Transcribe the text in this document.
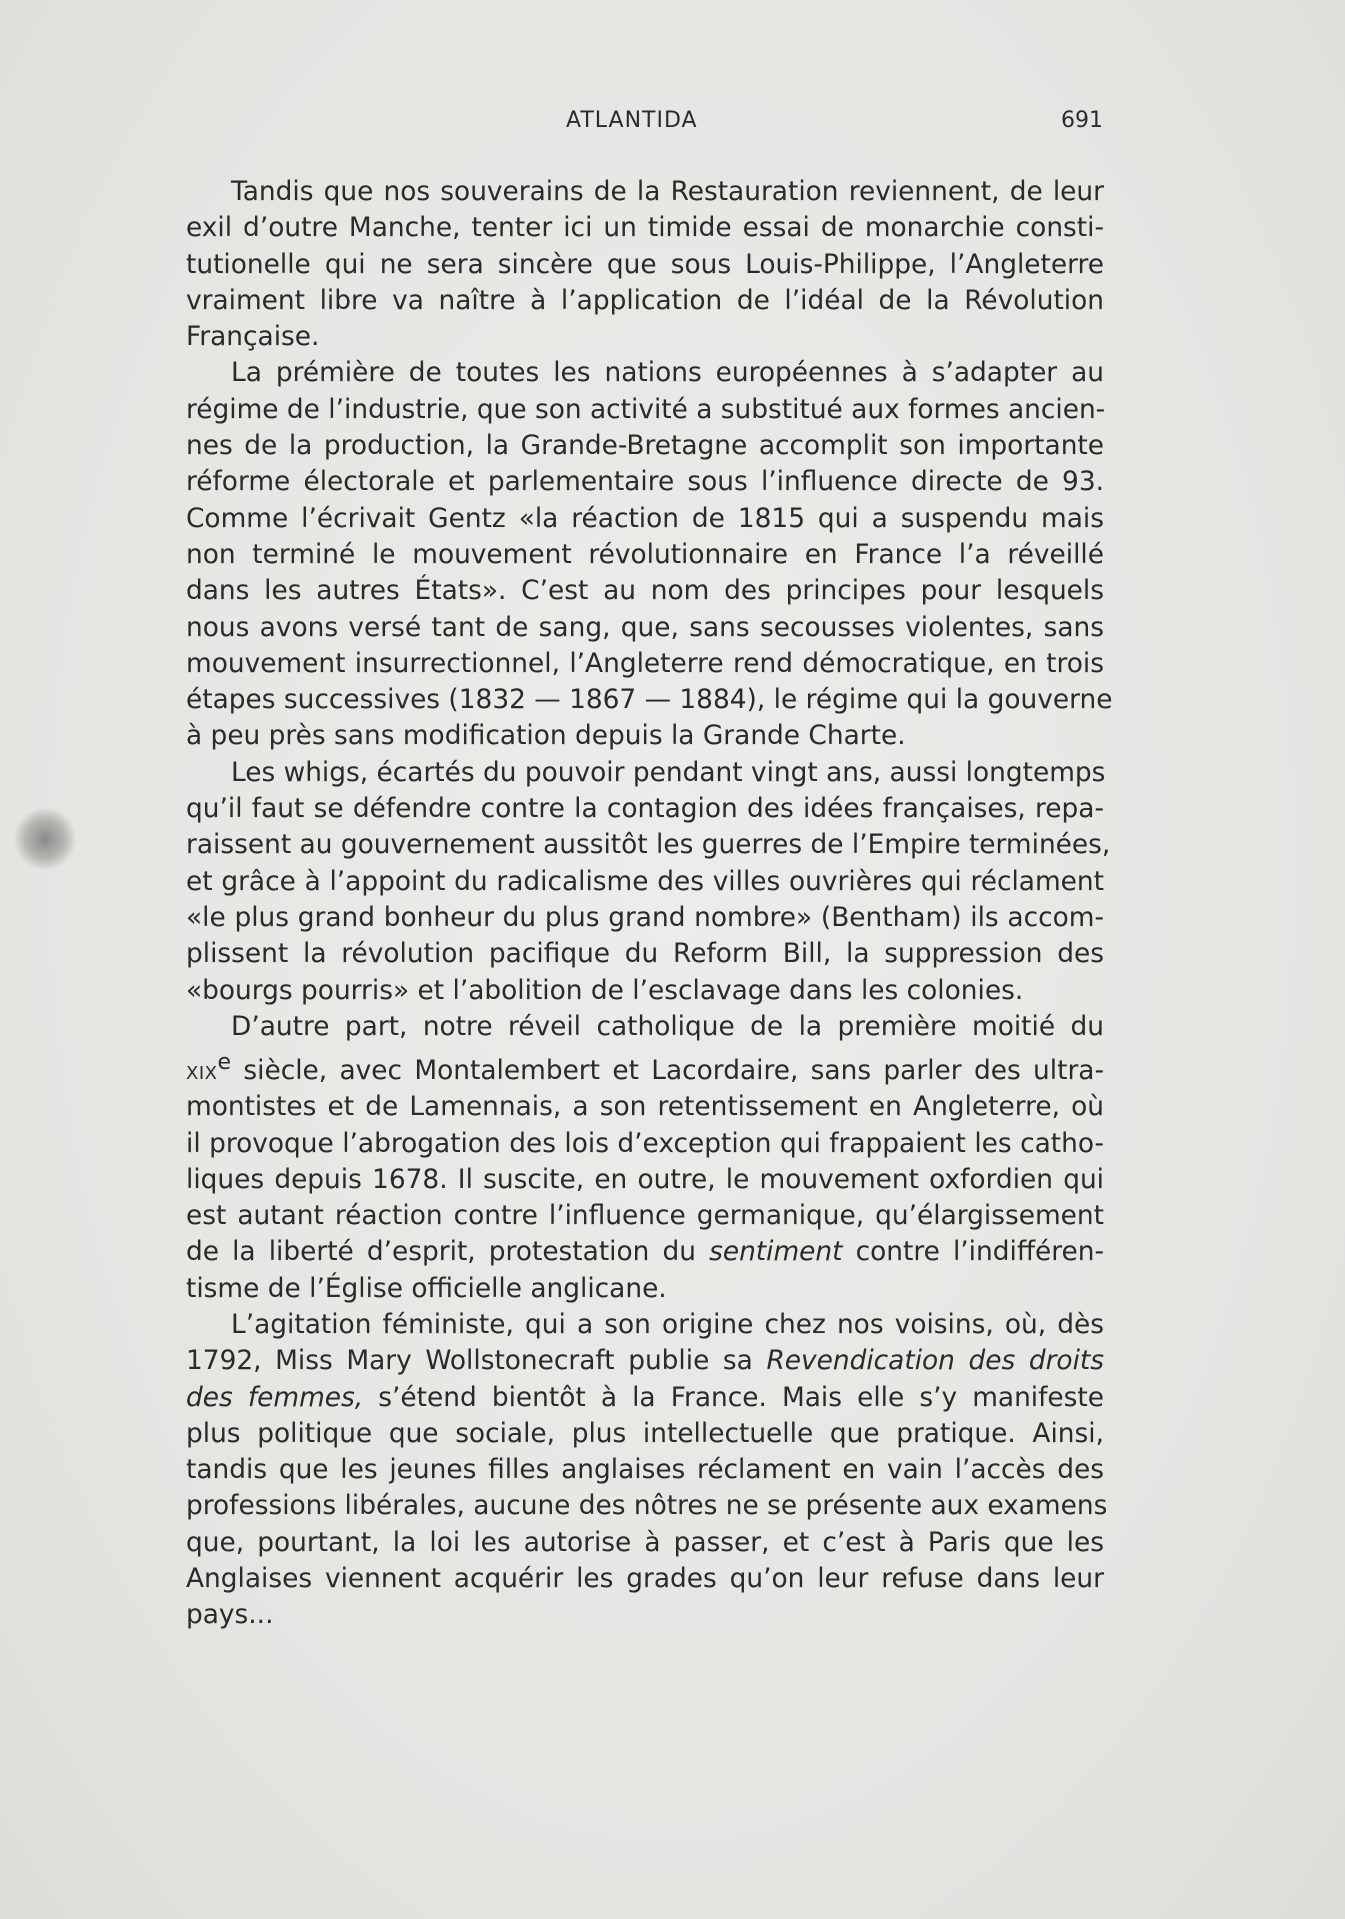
ATLANTIDA	691
Tandis que nos souverains de la Restauration reviennent, de leur
exil d’outre Manche, tenter ici un timide essai de monarchie consti-
tutionelle qui ne sera sincère que sous Louis-Philippe, l’Angleterre
vraiment libre va naître à l’application de l’idéal de la Révolution
Française.
La prémière de toutes les nations européennes à s’adapter au
régime de l’industrie, que son activité a substitué aux formes ancien-
nes de la production, la Grande-Bretagne accomplit son importante
réforme électorale et parlementaire sous l’influence directe de 93.
Comme l’écrivait Gentz «la réaction de 1815 qui a suspendu mais
non terminé le mouvement révolutionnaire en France l’a réveillé
dans les autres États». C’est au nom des principes pour lesquels
nous avons versé tant de sang, que, sans secousses violentes, sans
mouvement insurrectionnel, l’Angleterre rend démocratique, en trois
étapes successives (1832 — 1867 — 1884), le régime qui la gouverne
à peu près sans modification depuis la Grande Charte.
Les whigs, écartés du pouvoir pendant vingt ans, aussi longtemps
qu’il faut se défendre contre la contagion des idées françaises, repa-
raissent au gouvernement aussitôt les guerres de l’Empire terminées,
et grâce à l’appoint du radicalisme des villes ouvrières qui réclament
«le plus grand bonheur du plus grand nombre» (Bentham) ils accom-
plissent la révolution pacifique du Reform Bill, la suppression des
«bourgs pourris» et l’abolition de l’esclavage dans les colonies.
D’autre part, notre réveil catholique de la première moitié du
xix$^e$ siècle, avec Montalembert et Lacordaire, sans parler des ultra-
montistes et de Lamennais, a son retentissement en Angleterre, où
il provoque l’abrogation des lois d’exception qui frappaient les catho-
liques depuis 1678. Il suscite, en outre, le mouvement oxfordien qui
est autant réaction contre l’influence germanique, qu’élargissement
de la liberté d’esprit, protestation du sentiment contre l’indifféren-
tisme de l’Église officielle anglicane.
L’agitation féministe, qui a son origine chez nos voisins, où, dès
1792, Miss Mary Wollstonecraft publie sa Revendication des droits
des femmes, s’étend bientôt à la France. Mais elle s’y manifeste
plus politique que sociale, plus intellectuelle que pratique. Ainsi,
tandis que les jeunes filles anglaises réclament en vain l’accès des
professions libérales, aucune des nôtres ne se présente aux examens
que, pourtant, la loi les autorise à passer, et c’est à Paris que les
Anglaises viennent acquérir les grades qu’on leur refuse dans leur
pays...
